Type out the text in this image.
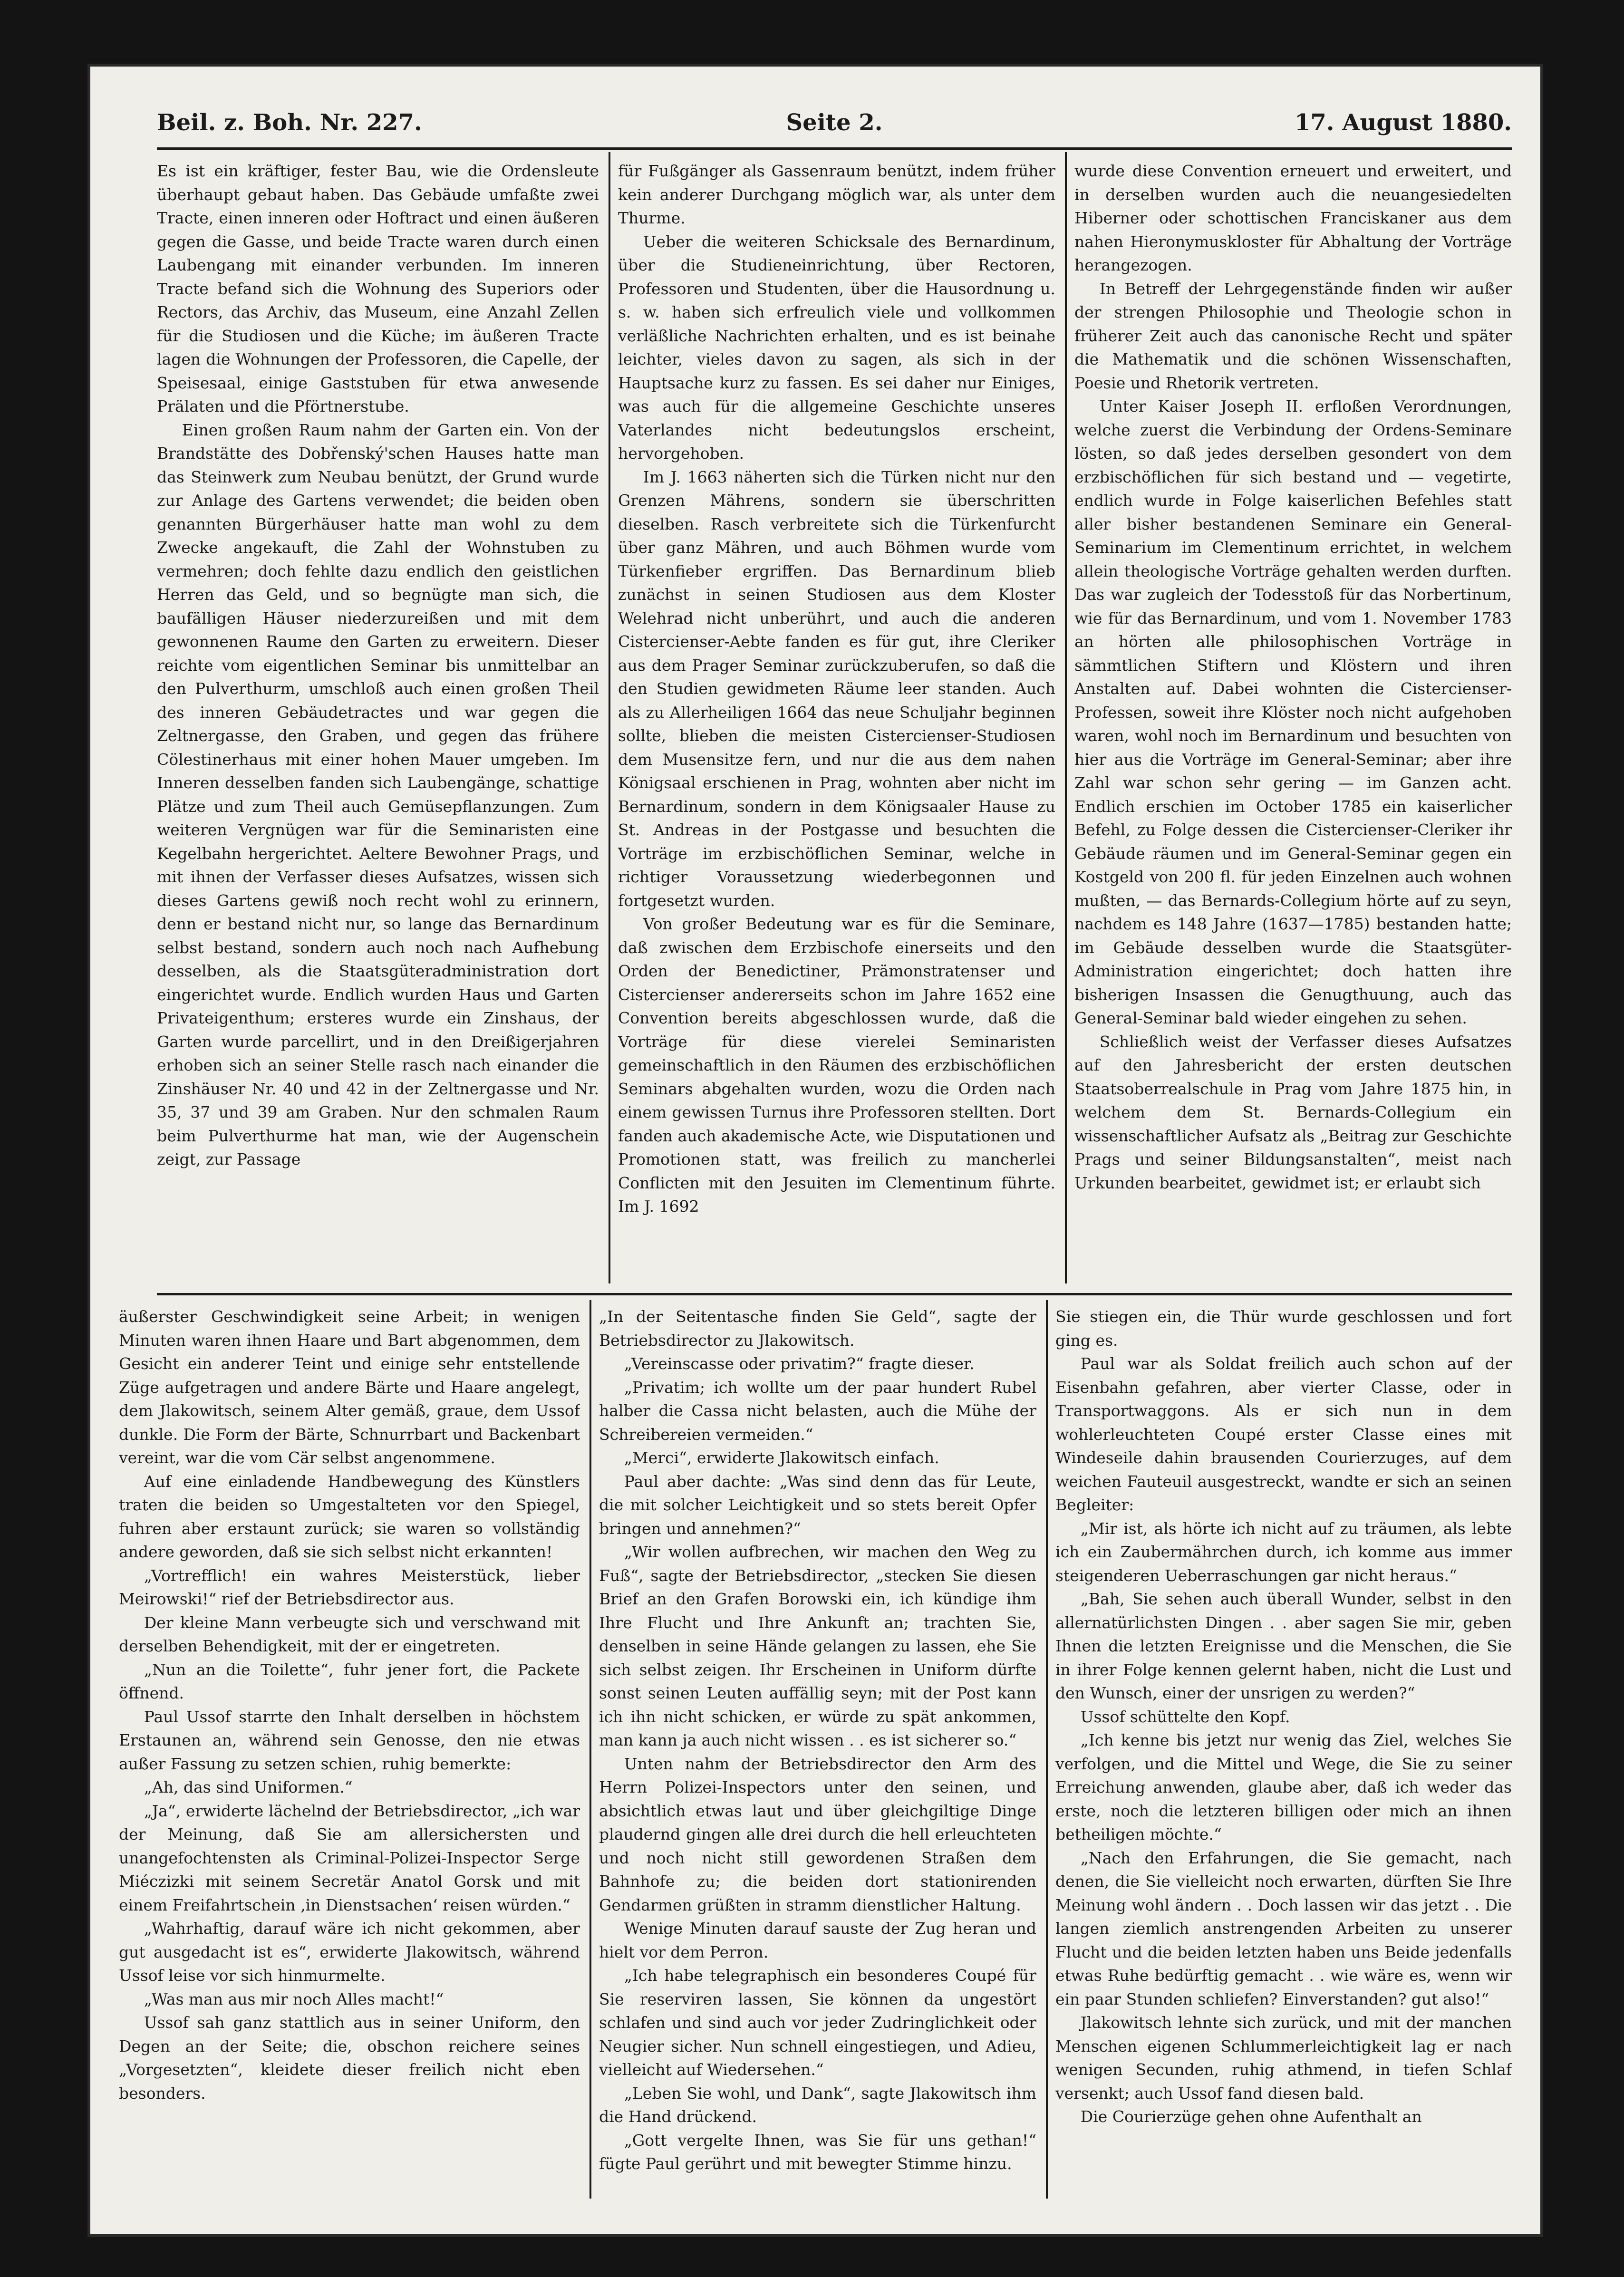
Beil. z. Boh. Nr. 227.	Seite 2.	17. August 1880.

Es ist ein kräftiger, fester Bau, wie die Ordensleute überhaupt gebaut haben. Das Gebäude umfaßte zwei Tracte, einen inneren oder Hoftract und einen äußeren gegen die Gasse, und beide Tracte waren durch einen Laubengang mit einander verbunden. Im inneren Tracte befand sich die Wohnung des Superiors oder Rectors, das Archiv, das Museum, eine Anzahl Zellen für die Studiosen und die Küche; im äußeren Tracte lagen die Wohnungen der Professoren, die Capelle, der Speisesaal, einige Gaststuben für etwa anwesende Prälaten und die Pförtnerstube.

Einen großen Raum nahm der Garten ein. Von der Brandstätte des Dobřenský'schen Hauses hatte man das Steinwerk zum Neubau benützt, der Grund wurde zur Anlage des Gartens verwendet; die beiden oben genannten Bürgerhäuser hatte man wohl zu dem Zwecke angekauft, die Zahl der Wohnstuben zu vermehren; doch fehlte dazu endlich den geistlichen Herren das Geld, und so begnügte man sich, die baufälligen Häuser niederzureißen und mit dem gewonnenen Raume den Garten zu erweitern. Dieser reichte vom eigentlichen Seminar bis unmittelbar an den Pulverthurm, umschloß auch einen großen Theil des inneren Gebäudetractes und war gegen die Zeltnergasse, den Graben, und gegen das frühere Cölestinerhaus mit einer hohen Mauer umgeben. Im Inneren desselben fanden sich Laubengänge, schattige Plätze und zum Theil auch Gemüsepflanzungen. Zum weiteren Vergnügen war für die Seminaristen eine Kegelbahn hergerichtet. Aeltere Bewohner Prags, und mit ihnen der Verfasser dieses Aufsatzes, wissen sich dieses Gartens gewiß noch recht wohl zu erinnern, denn er bestand nicht nur, so lange das Bernardinum selbst bestand, sondern auch noch nach Aufhebung desselben, als die Staatsgüteradministration dort eingerichtet wurde. Endlich wurden Haus und Garten Privateigenthum; ersteres wurde ein Zinshaus, der Garten wurde parcellirt, und in den Dreißigerjahren erhoben sich an seiner Stelle rasch nach einander die Zinshäuser Nr. 40 und 42 in der Zeltnergasse und Nr. 35, 37 und 39 am Graben. Nur den schmalen Raum beim Pulverthurme hat man, wie der Augenschein zeigt, zur Passage

für Fußgänger als Gassenraum benützt, indem früher kein anderer Durchgang möglich war, als unter dem Thurme.

Ueber die weiteren Schicksale des Bernardinum, über die Studieneinrichtung, über Rectoren, Professoren und Studenten, über die Hausordnung u. s. w. haben sich erfreulich viele und vollkommen verläßliche Nachrichten erhalten, und es ist beinahe leichter, vieles davon zu sagen, als sich in der Hauptsache kurz zu fassen. Es sei daher nur Einiges, was auch für die allgemeine Geschichte unseres Vaterlandes nicht bedeutungslos erscheint, hervorgehoben.

Im J. 1663 näherten sich die Türken nicht nur den Grenzen Mährens, sondern sie überschritten dieselben. Rasch verbreitete sich die Türkenfurcht über ganz Mähren, und auch Böhmen wurde vom Türkenfieber ergriffen. Das Bernardinum blieb zunächst in seinen Studiosen aus dem Kloster Welehrad nicht unberührt, und auch die anderen Cistercienser-Aebte fanden es für gut, ihre Cleriker aus dem Prager Seminar zurückzuberufen, so daß die den Studien gewidmeten Räume leer standen. Auch als zu Allerheiligen 1664 das neue Schuljahr beginnen sollte, blieben die meisten Cistercienser-Studiosen dem Musensitze fern, und nur die aus dem nahen Königsaal erschienen in Prag, wohnten aber nicht im Bernardinum, sondern in dem Königsaaler Hause zu St. Andreas in der Postgasse und besuchten die Vorträge im erzbischöflichen Seminar, welche in richtiger Voraussetzung wiederbegonnen und fortgesetzt wurden.

Von großer Bedeutung war es für die Seminare, daß zwischen dem Erzbischofe einerseits und den Orden der Benedictiner, Prämonstratenser und Cistercienser andererseits schon im Jahre 1652 eine Convention bereits abgeschlossen wurde, daß die Vorträge für diese vierelei Seminaristen gemeinschaftlich in den Räumen des erzbischöflichen Seminars abgehalten wurden, wozu die Orden nach einem gewissen Turnus ihre Professoren stellten. Dort fanden auch akademische Acte, wie Disputationen und Promotionen statt, was freilich zu mancherlei Conflicten mit den Jesuiten im Clementinum führte. Im J. 1692

wurde diese Convention erneuert und erweitert, und in derselben wurden auch die neuangesiedelten Hiberner oder schottischen Franciskaner aus dem nahen Hieronymuskloster für Abhaltung der Vorträge herangezogen.

In Betreff der Lehrgegenstände finden wir außer der strengen Philosophie und Theologie schon in früherer Zeit auch das canonische Recht und später die Mathematik und die schönen Wissenschaften, Poesie und Rhetorik vertreten.

Unter Kaiser Joseph II. erfloßen Verordnungen, welche zuerst die Verbindung der Ordens-Seminare lösten, so daß jedes derselben gesondert von dem erzbischöflichen für sich bestand und — vegetirte, endlich wurde in Folge kaiserlichen Befehles statt aller bisher bestandenen Seminare ein General-Seminarium im Clementinum errichtet, in welchem allein theologische Vorträge gehalten werden durften. Das war zugleich der Todesstoß für das Norbertinum, wie für das Bernardinum, und vom 1. November 1783 an hörten alle philosophischen Vorträge in sämmtlichen Stiftern und Klöstern und ihren Anstalten auf. Dabei wohnten die Cistercienser-Professen, soweit ihre Klöster noch nicht aufgehoben waren, wohl noch im Bernardinum und besuchten von hier aus die Vorträge im General-Seminar; aber ihre Zahl war schon sehr gering — im Ganzen acht. Endlich erschien im October 1785 ein kaiserlicher Befehl, zu Folge dessen die Cistercienser-Cleriker ihr Gebäude räumen und im General-Seminar gegen ein Kostgeld von 200 fl. für jeden Einzelnen auch wohnen mußten, — das Bernards-Collegium hörte auf zu seyn, nachdem es 148 Jahre (1637—1785) bestanden hatte; im Gebäude desselben wurde die Staatsgüter-Administration eingerichtet; doch hatten ihre bisherigen Insassen die Genugthuung, auch das General-Seminar bald wieder eingehen zu sehen.

Schließlich weist der Verfasser dieses Aufsatzes auf den Jahresbericht der ersten deutschen Staatsoberrealschule in Prag vom Jahre 1875 hin, in welchem dem St. Bernards-Collegium ein wissenschaftlicher Aufsatz als „Beitrag zur Geschichte Prags und seiner Bildungsanstalten“, meist nach Urkunden bearbeitet, gewidmet ist; er erlaubt sich

äußerster Geschwindigkeit seine Arbeit; in wenigen Minuten waren ihnen Haare und Bart abgenommen, dem Gesicht ein anderer Teint und einige sehr entstellende Züge aufgetragen und andere Bärte und Haare angelegt, dem Jlakowitsch, seinem Alter gemäß, graue, dem Ussof dunkle. Die Form der Bärte, Schnurrbart und Backenbart vereint, war die vom Cär selbst angenommene.

Auf eine einladende Handbewegung des Künstlers traten die beiden so Umgestalteten vor den Spiegel, fuhren aber erstaunt zurück; sie waren so vollständig andere geworden, daß sie sich selbst nicht erkannten!

„Vortrefflich! ein wahres Meisterstück, lieber Meirowski!“ rief der Betriebsdirector aus.

Der kleine Mann verbeugte sich und verschwand mit derselben Behendigkeit, mit der er eingetreten.

„Nun an die Toilette“, fuhr jener fort, die Packete öffnend.

Paul Ussof starrte den Inhalt derselben in höchstem Erstaunen an, während sein Genosse, den nie etwas außer Fassung zu setzen schien, ruhig bemerkte:

„Ah, das sind Uniformen.“

„Ja“, erwiderte lächelnd der Betriebsdirector, „ich war der Meinung, daß Sie am allersichersten und unangefochtensten als Criminal-Polizei-Inspector Serge Miéczizki mit seinem Secretär Anatol Gorsk und mit einem Freifahrtschein ‚in Dienstsachen‘ reisen würden.“

„Wahrhaftig, darauf wäre ich nicht gekommen, aber gut ausgedacht ist es“, erwiderte Jlakowitsch, während Ussof leise vor sich hinmurmelte.

„Was man aus mir noch Alles macht!“

Ussof sah ganz stattlich aus in seiner Uniform, den Degen an der Seite; die, obschon reichere seines „Vorgesetzten“, kleidete dieser freilich nicht eben besonders.

„In der Seitentasche finden Sie Geld“, sagte der Betriebsdirector zu Jlakowitsch.

„Vereinscasse oder privatim?“ fragte dieser.

„Privatim; ich wollte um der paar hundert Rubel halber die Cassa nicht belasten, auch die Mühe der Schreibereien vermeiden.“

„Merci“, erwiderte Jlakowitsch einfach.

Paul aber dachte: „Was sind denn das für Leute, die mit solcher Leichtigkeit und so stets bereit Opfer bringen und annehmen?“

„Wir wollen aufbrechen, wir machen den Weg zu Fuß“, sagte der Betriebsdirector, „stecken Sie diesen Brief an den Grafen Borowski ein, ich kündige ihm Ihre Flucht und Ihre Ankunft an; trachten Sie, denselben in seine Hände gelangen zu lassen, ehe Sie sich selbst zeigen. Ihr Erscheinen in Uniform dürfte sonst seinen Leuten auffällig seyn; mit der Post kann ich ihn nicht schicken, er würde zu spät ankommen, man kann ja auch nicht wissen . . es ist sicherer so.“

Unten nahm der Betriebsdirector den Arm des Herrn Polizei-Inspectors unter den seinen, und absichtlich etwas laut und über gleichgiltige Dinge plaudernd gingen alle drei durch die hell erleuchteten und noch nicht still gewordenen Straßen dem Bahnhofe zu; die beiden dort stationirenden Gendarmen grüßten in stramm dienstlicher Haltung.

Wenige Minuten darauf sauste der Zug heran und hielt vor dem Perron.

„Ich habe telegraphisch ein besonderes Coupé für Sie reserviren lassen, Sie können da ungestört schlafen und sind auch vor jeder Zudringlichkeit oder Neugier sicher. Nun schnell eingestiegen, und Adieu, vielleicht auf Wiedersehen.“

„Leben Sie wohl, und Dank“, sagte Jlakowitsch ihm die Hand drückend.

„Gott vergelte Ihnen, was Sie für uns gethan!“ fügte Paul gerührt und mit bewegter Stimme hinzu.

Sie stiegen ein, die Thür wurde geschlossen und fort ging es.

Paul war als Soldat freilich auch schon auf der Eisenbahn gefahren, aber vierter Classe, oder in Transportwaggons. Als er sich nun in dem wohlerleuchteten Coupé erster Classe eines mit Windeseile dahin brausenden Courierzuges, auf dem weichen Fauteuil ausgestreckt, wandte er sich an seinen Begleiter:

„Mir ist, als hörte ich nicht auf zu träumen, als lebte ich ein Zaubermährchen durch, ich komme aus immer steigenderen Ueberraschungen gar nicht heraus.“

„Bah, Sie sehen auch überall Wunder, selbst in den allernatürlichsten Dingen . . aber sagen Sie mir, geben Ihnen die letzten Ereignisse und die Menschen, die Sie in ihrer Folge kennen gelernt haben, nicht die Lust und den Wunsch, einer der unsrigen zu werden?“

Ussof schüttelte den Kopf.

„Ich kenne bis jetzt nur wenig das Ziel, welches Sie verfolgen, und die Mittel und Wege, die Sie zu seiner Erreichung anwenden, glaube aber, daß ich weder das erste, noch die letzteren billigen oder mich an ihnen betheiligen möchte.“

„Nach den Erfahrungen, die Sie gemacht, nach denen, die Sie vielleicht noch erwarten, dürften Sie Ihre Meinung wohl ändern . . Doch lassen wir das jetzt . . Die langen ziemlich anstrengenden Arbeiten zu unserer Flucht und die beiden letzten haben uns Beide jedenfalls etwas Ruhe bedürftig gemacht . . wie wäre es, wenn wir ein paar Stunden schliefen? Einverstanden? gut also!“

Jlakowitsch lehnte sich zurück, und mit der manchen Menschen eigenen Schlummerleichtigkeit lag er nach wenigen Secunden, ruhig athmend, in tiefen Schlaf versenkt; auch Ussof fand diesen bald.

Die Courierzüge gehen ohne Aufenthalt an
